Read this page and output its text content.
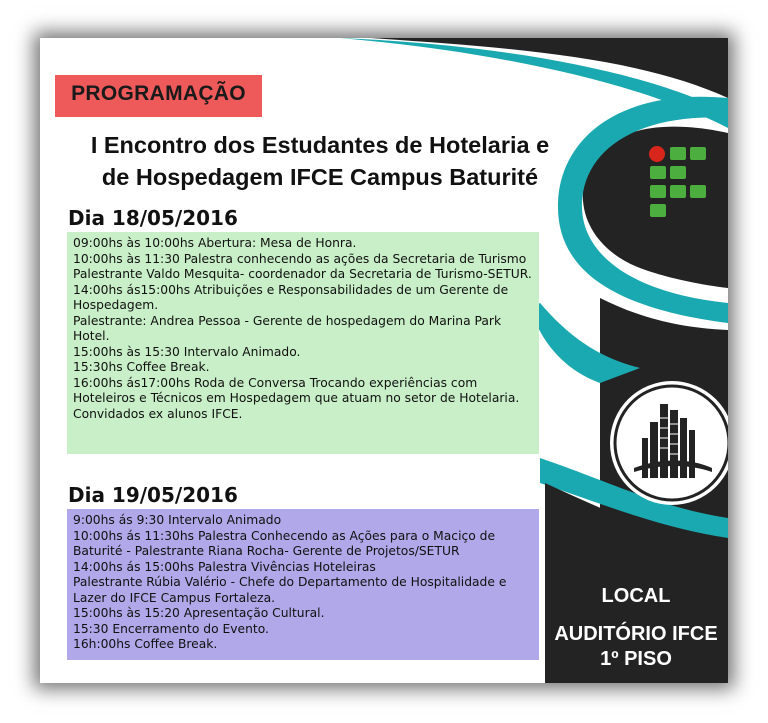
PROGRAMAÇÃO
I Encontro dos Estudantes de Hotelaria e
de Hospedagem IFCE Campus Baturité
Dia 18/05/2016
09:00hs às 10:00hs Abertura: Mesa de Honra.
10:00hs às 11:30 Palestra conhecendo as ações da Secretaria de Turismo
Palestrante Valdo Mesquita- coordenador da Secretaria de Turismo-SETUR.
14:00hs ás15:00hs Atribuições e Responsabilidades de um Gerente de Hospedagem.
Palestrante: Andrea Pessoa - Gerente de hospedagem do Marina Park Hotel.
15:00hs às 15:30 Intervalo Animado.
15:30hs Coffee Break.
16:00hs ás17:00hs Roda de Conversa Trocando experiências com Hoteleiros e Técnicos em Hospedagem que atuam no setor de Hotelaria. Convidados ex alunos IFCE.
Dia 19/05/2016
9:00hs ás 9:30 Intervalo Animado
10:00hs ás 11:30hs Palestra Conhecendo as Ações para o Maciço de Baturité - Palestrante Riana Rocha- Gerente de Projetos/SETUR
14:00hs ás 15:00hs Palestra Vivências Hoteleiras
Palestrante Rúbia Valério - Chefe do Departamento de Hospitalidade e Lazer do IFCE Campus Fortaleza.
15:00hs às 15:20 Apresentação Cultural.
15:30 Encerramento do Evento.
16h:00hs Coffee Break.
LOCAL
AUDITÓRIO IFCE
1º PISO
